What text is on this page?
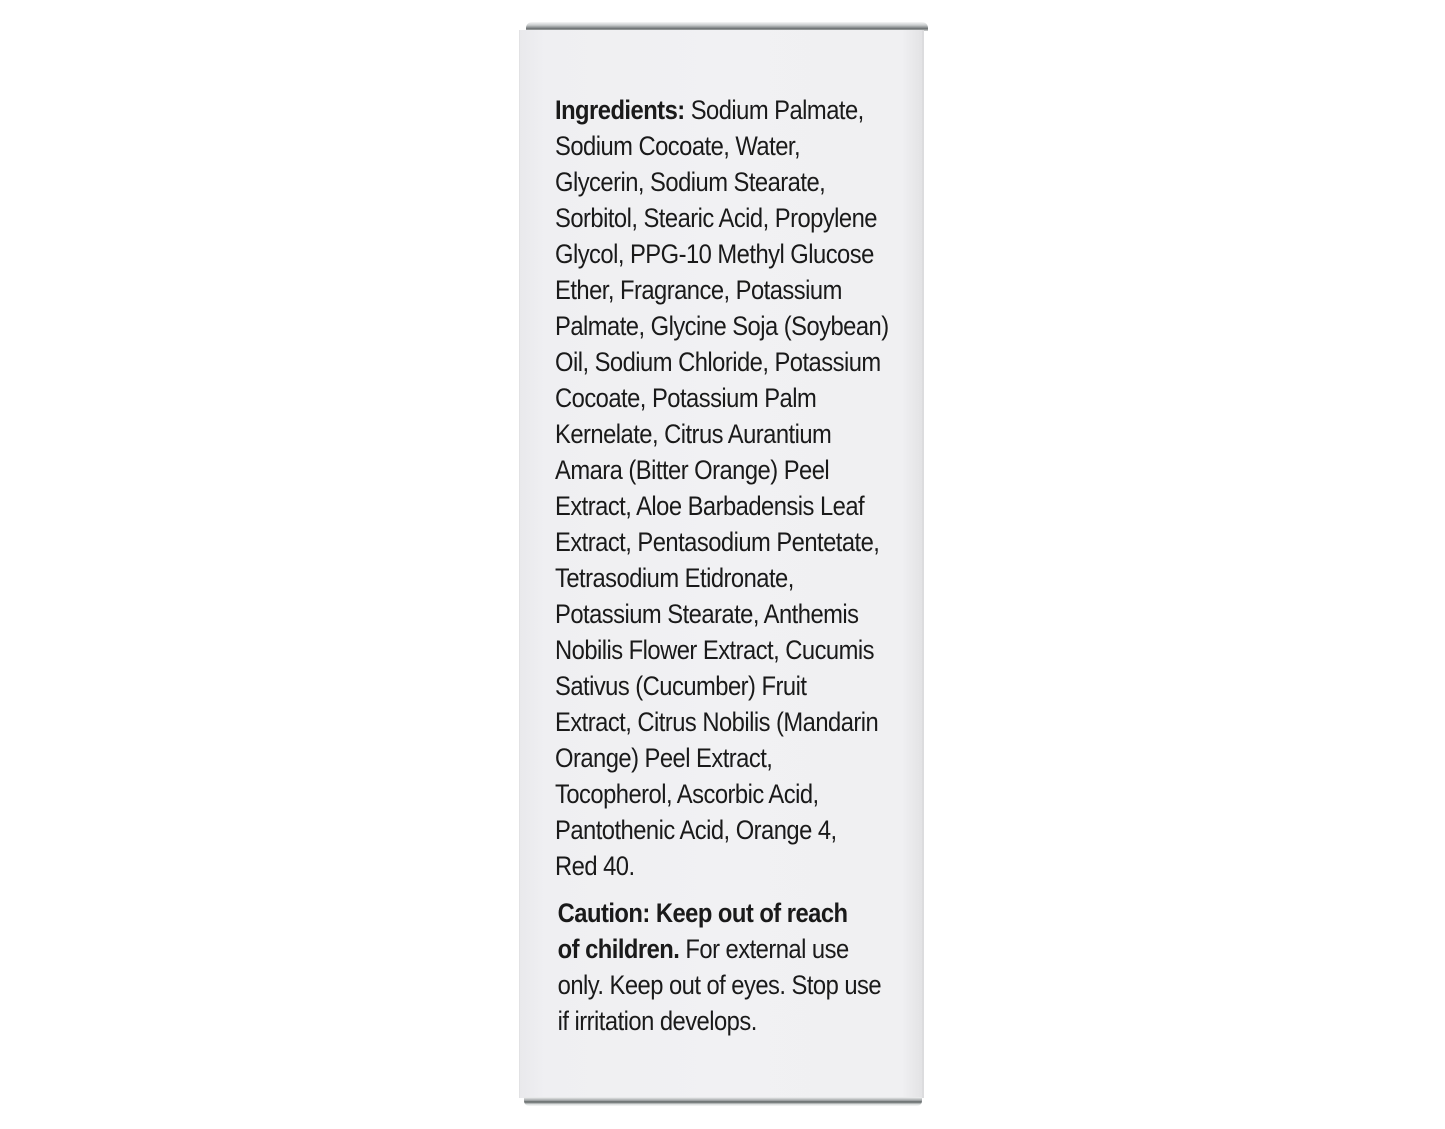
Ingredients: Sodium Palmate,
Sodium Cocoate, Water,
Glycerin, Sodium Stearate,
Sorbitol, Stearic Acid, Propylene
Glycol, PPG-10 Methyl Glucose
Ether, Fragrance, Potassium
Palmate, Glycine Soja (Soybean)
Oil, Sodium Chloride, Potassium
Cocoate, Potassium Palm
Kernelate, Citrus Aurantium
Amara (Bitter Orange) Peel
Extract, Aloe Barbadensis Leaf
Extract, Pentasodium Pentetate,
Tetrasodium Etidronate,
Potassium Stearate, Anthemis
Nobilis Flower Extract, Cucumis
Sativus (Cucumber) Fruit
Extract, Citrus Nobilis (Mandarin
Orange) Peel Extract,
Tocopherol, Ascorbic Acid,
Pantothenic Acid, Orange 4,
Red 40.

Caution: Keep out of reach
of children. For external use
only. Keep out of eyes. Stop use
if irritation develops.
